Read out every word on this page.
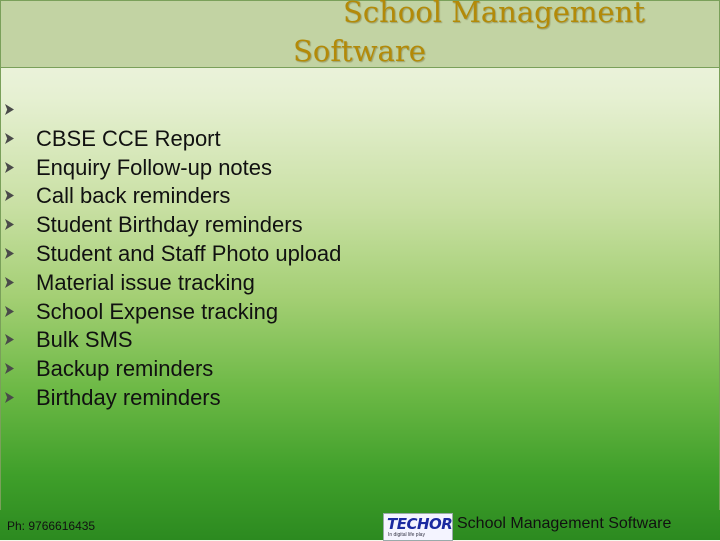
School Management
Software
CBSE CCE Report
Enquiry Follow-up notes
Call back reminders
Student Birthday reminders
Student and Staff Photo upload
Material issue tracking
School Expense tracking
Bulk SMS
Backup reminders
Birthday reminders
Ph: 9766616435	TECHOR
In digital life play
School Management Software
